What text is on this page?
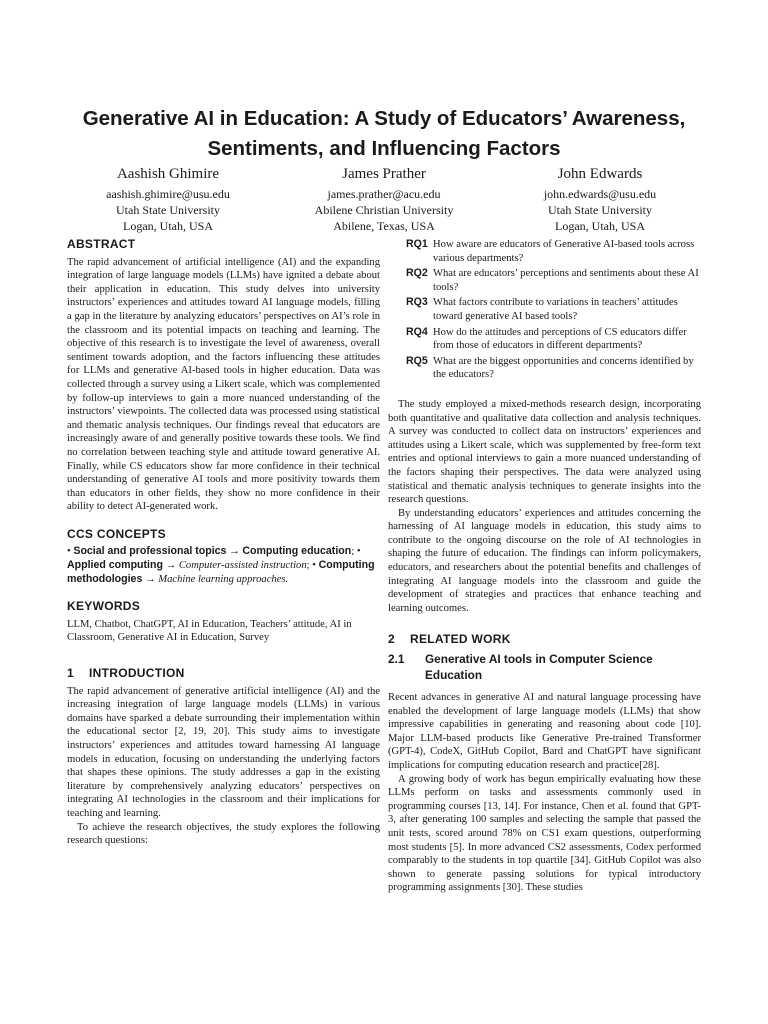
Generative AI in Education: A Study of Educators’ Awareness,
Sentiments, and Influencing Factors
Aashish Ghimire
aashish.ghimire@usu.edu
Utah State University
Logan, Utah, USA
James Prather
james.prather@acu.edu
Abilene Christian University
Abilene, Texas, USA
John Edwards
john.edwards@usu.edu
Utah State University
Logan, Utah, USA
ABSTRACT

The rapid advancement of artificial intelligence (AI) and the expanding integration of large language models (LLMs) have ignited a debate about their application in education. This study delves into university instructors’ experiences and attitudes toward AI language models, filling a gap in the literature by analyzing educators’ perspectives on AI’s role in the classroom and its potential impacts on teaching and learning. The objective of this research is to investigate the level of awareness, overall sentiment towards adoption, and the factors influencing these attitudes for LLMs and generative AI-based tools in higher education. Data was collected through a survey using a Likert scale, which was complemented by follow-up interviews to gain a more nuanced understanding of the instructors’ viewpoints. The collected data was processed using statistical and thematic analysis techniques. Our findings reveal that educators are increasingly aware of and generally positive towards these tools. We find no correlation between teaching style and attitude toward generative AI. Finally, while CS educators show far more confidence in their technical understanding of generative AI tools and more positivity towards them than educators in other fields, they show no more confidence in their ability to detect AI-generated work.

CCS CONCEPTS

• Social and professional topics → Computing education; • Applied computing → Computer-assisted instruction; • Computing methodologies → Machine learning approaches.

KEYWORDS

LLM, Chatbot, ChatGPT, AI in Education, Teachers’ attitude, AI in Classroom, Generative AI in Education, Survey

1 INTRODUCTION

The rapid advancement of generative artificial intelligence (AI) and the increasing integration of large language models (LLMs) in various domains have sparked a debate surrounding their implementation within the educational sector [2, 19, 20]. This study aims to investigate instructors’ experiences and attitudes toward harnessing AI language models in education, focusing on understanding the underlying factors that shapes these opinions. The study addresses a gap in the existing literature by comprehensively analyzing educators’ perspectives on integrating AI technologies in the classroom and their implications for teaching and learning.

To achieve the research objectives, the study explores the following research questions:

RQ1 How aware are educators of Generative AI-based tools across various departments?
RQ2 What are educators’ perceptions and sentiments about these AI tools?
RQ3 What factors contribute to variations in teachers’ attitudes toward generative AI based tools?
RQ4 How do the attitudes and perceptions of CS educators differ from those of educators in different departments?
RQ5 What are the biggest opportunities and concerns identified by the educators?

The study employed a mixed-methods research design, incorporating both quantitative and qualitative data collection and analysis techniques. A survey was conducted to collect data on instructors’ experiences and attitudes using a Likert scale, which was supplemented by free-form text entries and optional interviews to gain a more nuanced understanding of the factors shaping their perspectives. The data were analyzed using statistical and thematic analysis techniques to generate insights into the research questions.

By understanding educators’ experiences and attitudes concerning the harnessing of AI language models in education, this study aims to contribute to the ongoing discourse on the role of AI technologies in shaping the future of education. The findings can inform policymakers, educators, and researchers about the potential benefits and challenges of integrating AI language models into the classroom and guide the development of strategies and practices that enhance teaching and learning outcomes.

2 RELATED WORK
2.1	Generative AI tools in Computer Science Education

Recent advances in generative AI and natural language processing have enabled the development of large language models (LLMs) that show impressive capabilities in generating and reasoning about code [10]. Major LLM-based products like Generative Pre-trained Transformer (GPT-4), CodeX, GitHub Copilot, Bard and ChatGPT have significant implications for computing education research and practice[28].

A growing body of work has begun empirically evaluating how these LLMs perform on tasks and assessments commonly used in programming courses [13, 14]. For instance, Chen et al. found that GPT-3, after generating 100 samples and selecting the sample that passed the unit tests, scored around 78% on CS1 exam questions, outperforming most students [5]. In more advanced CS2 assessments, Codex performed comparably to the students in top quartile [34]. GitHub Copilot was also shown to generate passing solutions for typical introductory programming assignments [30]. These studies
